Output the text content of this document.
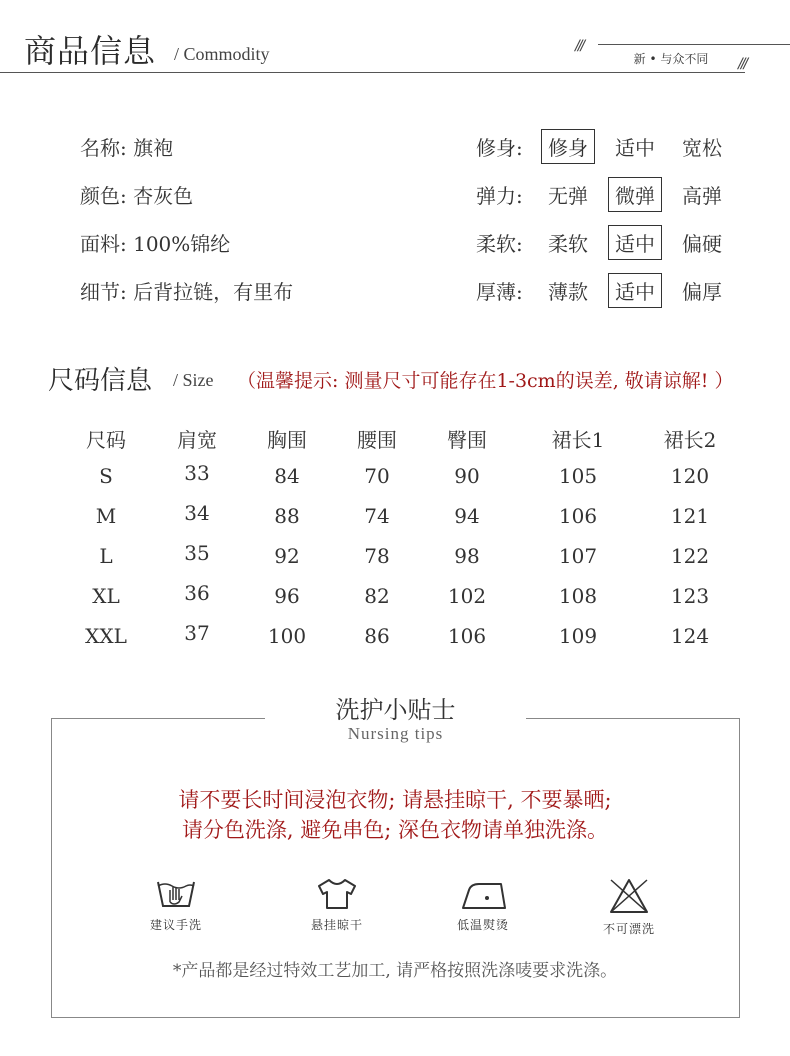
商品信息 / Commodity	///
///
新 • 与众不同
名称: 旗袍
颜色: 杏灰色
面料: 100%锦纶
细节: 后背拉链，有里布
修身: 修身 适中 宽松
弹力: 无弹 微弹 高弹
柔软: 柔软 适中 偏硬
厚薄: 薄款 适中 偏厚
尺码信息 / Size （温馨提示: 测量尺寸可能存在1-3cm的误差, 敬请谅解! ）
尺码	肩宽	胸围	腰围	臀围	裙长1	裙长2
S	33	84	70	90	105	120
M	34	88	74	94	106	121
L	35	92	78	98	107	122
XL	36	96	82	102	108	123
XXL	37	100	86	106	109	124
洗护小贴士
Nursing tips
请不要长时间浸泡衣物; 请悬挂晾干, 不要暴晒;
请分色洗涤, 避免串色; 深色衣物请单独洗涤。
建议手洗	悬挂晾干	低温熨烫	不可漂洗
*产品都是经过特效工艺加工, 请严格按照洗涤唛要求洗涤。
